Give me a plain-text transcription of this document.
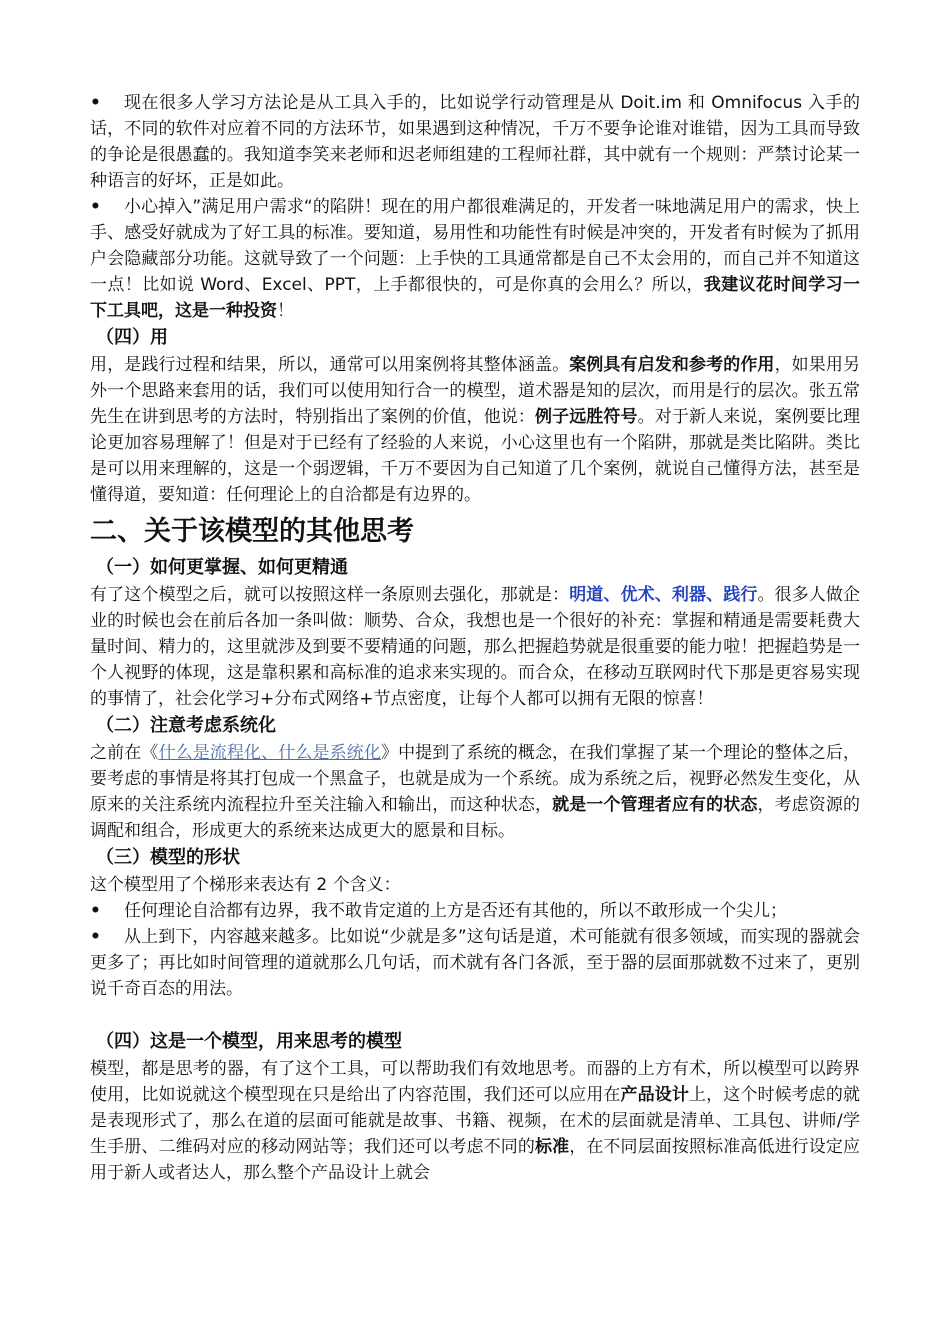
• 现在很多人学习方法论是从工具入手的，比如说学行动管理是从 Doit.im 和 Omnifocus 入手的话，不同的软件对应着不同的方法环节，如果遇到这种情况，千万不要争论谁对谁错，因为工具而导致的争论是很愚蠢的。我知道李笑来老师和迟老师组建的工程师社群，其中就有一个规则：严禁讨论某一种语言的好坏，正是如此。

• 小心掉入”满足用户需求“的陷阱！现在的用户都很难满足的，开发者一味地满足用户的需求，快上手、感受好就成为了好工具的标准。要知道，易用性和功能性有时候是冲突的，开发者有时候为了抓用户会隐藏部分功能。这就导致了一个问题：上手快的工具通常都是自己不太会用的，而自己并不知道这一点！比如说 Word、Excel、PPT，上手都很快的，可是你真的会用么？所以，我建议花时间学习一下工具吧，这是一种投资！

（四）用

用，是践行过程和结果，所以，通常可以用案例将其整体涵盖。案例具有启发和参考的作用，如果用另外一个思路来套用的话，我们可以使用知行合一的模型，道术器是知的层次，而用是行的层次。张五常先生在讲到思考的方法时，特别指出了案例的价值，他说：例子远胜符号。对于新人来说，案例要比理论更加容易理解了！但是对于已经有了经验的人来说，小心这里也有一个陷阱，那就是类比陷阱。类比是可以用来理解的，这是一个弱逻辑，千万不要因为自己知道了几个案例，就说自己懂得方法，甚至是懂得道，要知道：任何理论上的自洽都是有边界的。

二、关于该模型的其他思考
（一）如何更掌握、如何更精通

有了这个模型之后，就可以按照这样一条原则去强化，那就是：明道、优术、利器、践行。很多人做企业的时候也会在前后各加一条叫做：顺势、合众，我想也是一个很好的补充：掌握和精通是需要耗费大量时间、精力的，这里就涉及到要不要精通的问题，那么把握趋势就是很重要的能力啦！把握趋势是一个人视野的体现，这是靠积累和高标准的追求来实现的。而合众，在移动互联网时代下那是更容易实现的事情了，社会化学习+分布式网络+节点密度，让每个人都可以拥有无限的惊喜！

（二）注意考虑系统化

之前在《什么是流程化、什么是系统化》中提到了系统的概念，在我们掌握了某一个理论的整体之后，要考虑的事情是将其打包成一个黑盒子，也就是成为一个系统。成为系统之后，视野必然发生变化，从原来的关注系统内流程拉升至关注输入和输出，而这种状态，就是一个管理者应有的状态，考虑资源的调配和组合，形成更大的系统来达成更大的愿景和目标。

（三）模型的形状

这个模型用了个梯形来表达有 2 个含义：

• 任何理论自洽都有边界，我不敢肯定道的上方是否还有其他的，所以不敢形成一个尖儿；

• 从上到下，内容越来越多。比如说“少就是多”这句话是道，术可能就有很多领域，而实现的器就会更多了；再比如时间管理的道就那么几句话，而术就有各门各派，至于器的层面那就数不过来了，更别说千奇百态的用法。

（四）这是一个模型，用来思考的模型

模型，都是思考的器，有了这个工具，可以帮助我们有效地思考。而器的上方有术，所以模型可以跨界使用，比如说就这个模型现在只是给出了内容范围，我们还可以应用在产品设计上，这个时候考虑的就是表现形式了，那么在道的层面可能就是故事、书籍、视频，在术的层面就是清单、工具包、讲师/学生手册、二维码对应的移动网站等；我们还可以考虑不同的标准，在不同层面按照标准高低进行设定应用于新人或者达人，那么整个产品设计上就会
